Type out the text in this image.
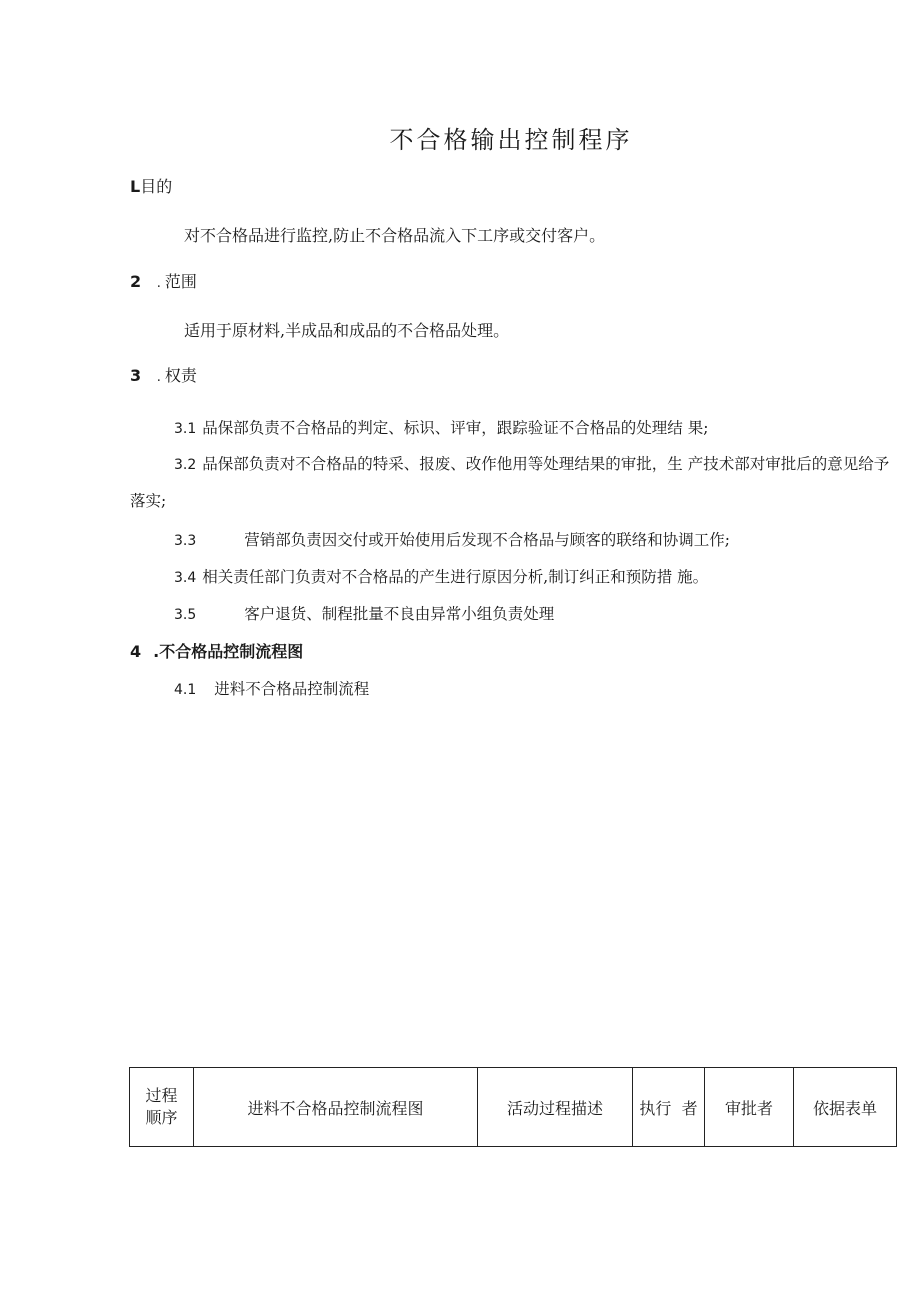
不合格输出控制程序
L目的
对不合格品进行监控,防止不合格品流入下工序或交付客户。
2 . 范围
适用于原材料,半成品和成品的不合格品处理。
3 . 权责
3.1 品保部负责不合格品的判定、标识、评审，跟踪验证不合格品的处理结 果;
3.2 品保部负责对不合格品的特采、报废、改作他用等处理结果的审批，生 产技术部对审批后的意见给予落实;
3.3	营销部负责因交付或开始使用后发现不合格品与顾客的联络和协调工作;
3.4 相关责任部门负责对不合格品的产生进行原因分析,制订纠正和预防措 施。
3.5	客户退货、制程批量不良由异常小组负责处理
4 .不合格品控制流程图
4.1 进料不合格品控制流程
过程
顺序	进料不合格品控制流程图	活动过程描述	执行  者	审批者	依据表单
